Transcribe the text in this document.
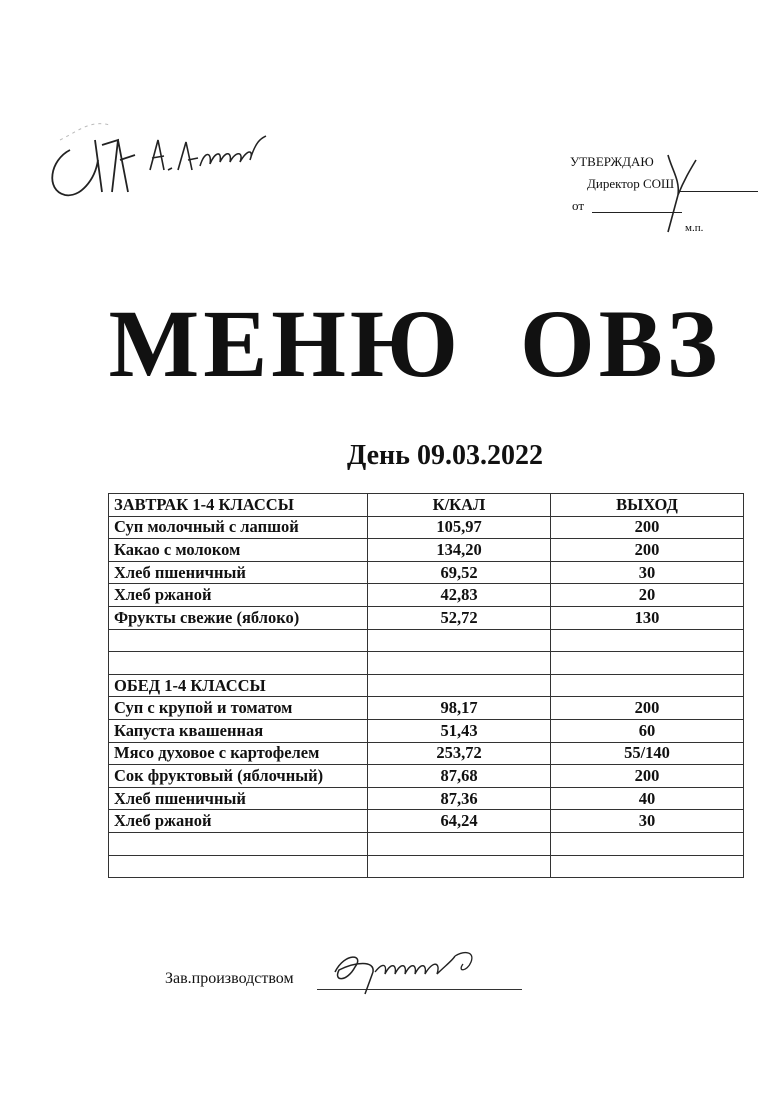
УТВЕРЖДАЮ
Директор СОШ
от
м.п.
МЕНЮ ОВЗ
День 09.03.2022
ЗАВТРАК 1-4 КЛАССЫ	К/КАЛ	ВЫХОД
Суп молочный с лапшой	105,97	200
Какао с молоком	134,20	200
Хлеб пшеничный	69,52	30
Хлеб ржаной	42,83	20
Фрукты свежие (яблоко)	52,72	130

ОБЕД 1-4 КЛАССЫ		
Суп с крупой и томатом	98,17	200
Капуста квашенная	51,43	60
Мясо духовое с картофелем	253,72	55/140
Сок фруктовый (яблочный)	87,68	200
Хлеб пшеничный	87,36	40
Хлеб ржаной	64,24	30

Зав.производством
